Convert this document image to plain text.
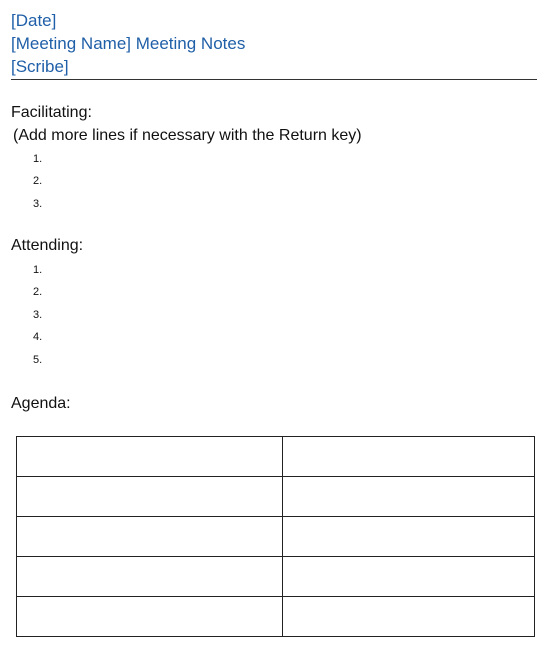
[Date]
[Meeting Name] Meeting Notes
[Scribe]
Facilitating:
(Add more lines if necessary with the Return key)
1.
2.
3.
Attending:
1.
2.
3.
4.
5.
Agenda:
